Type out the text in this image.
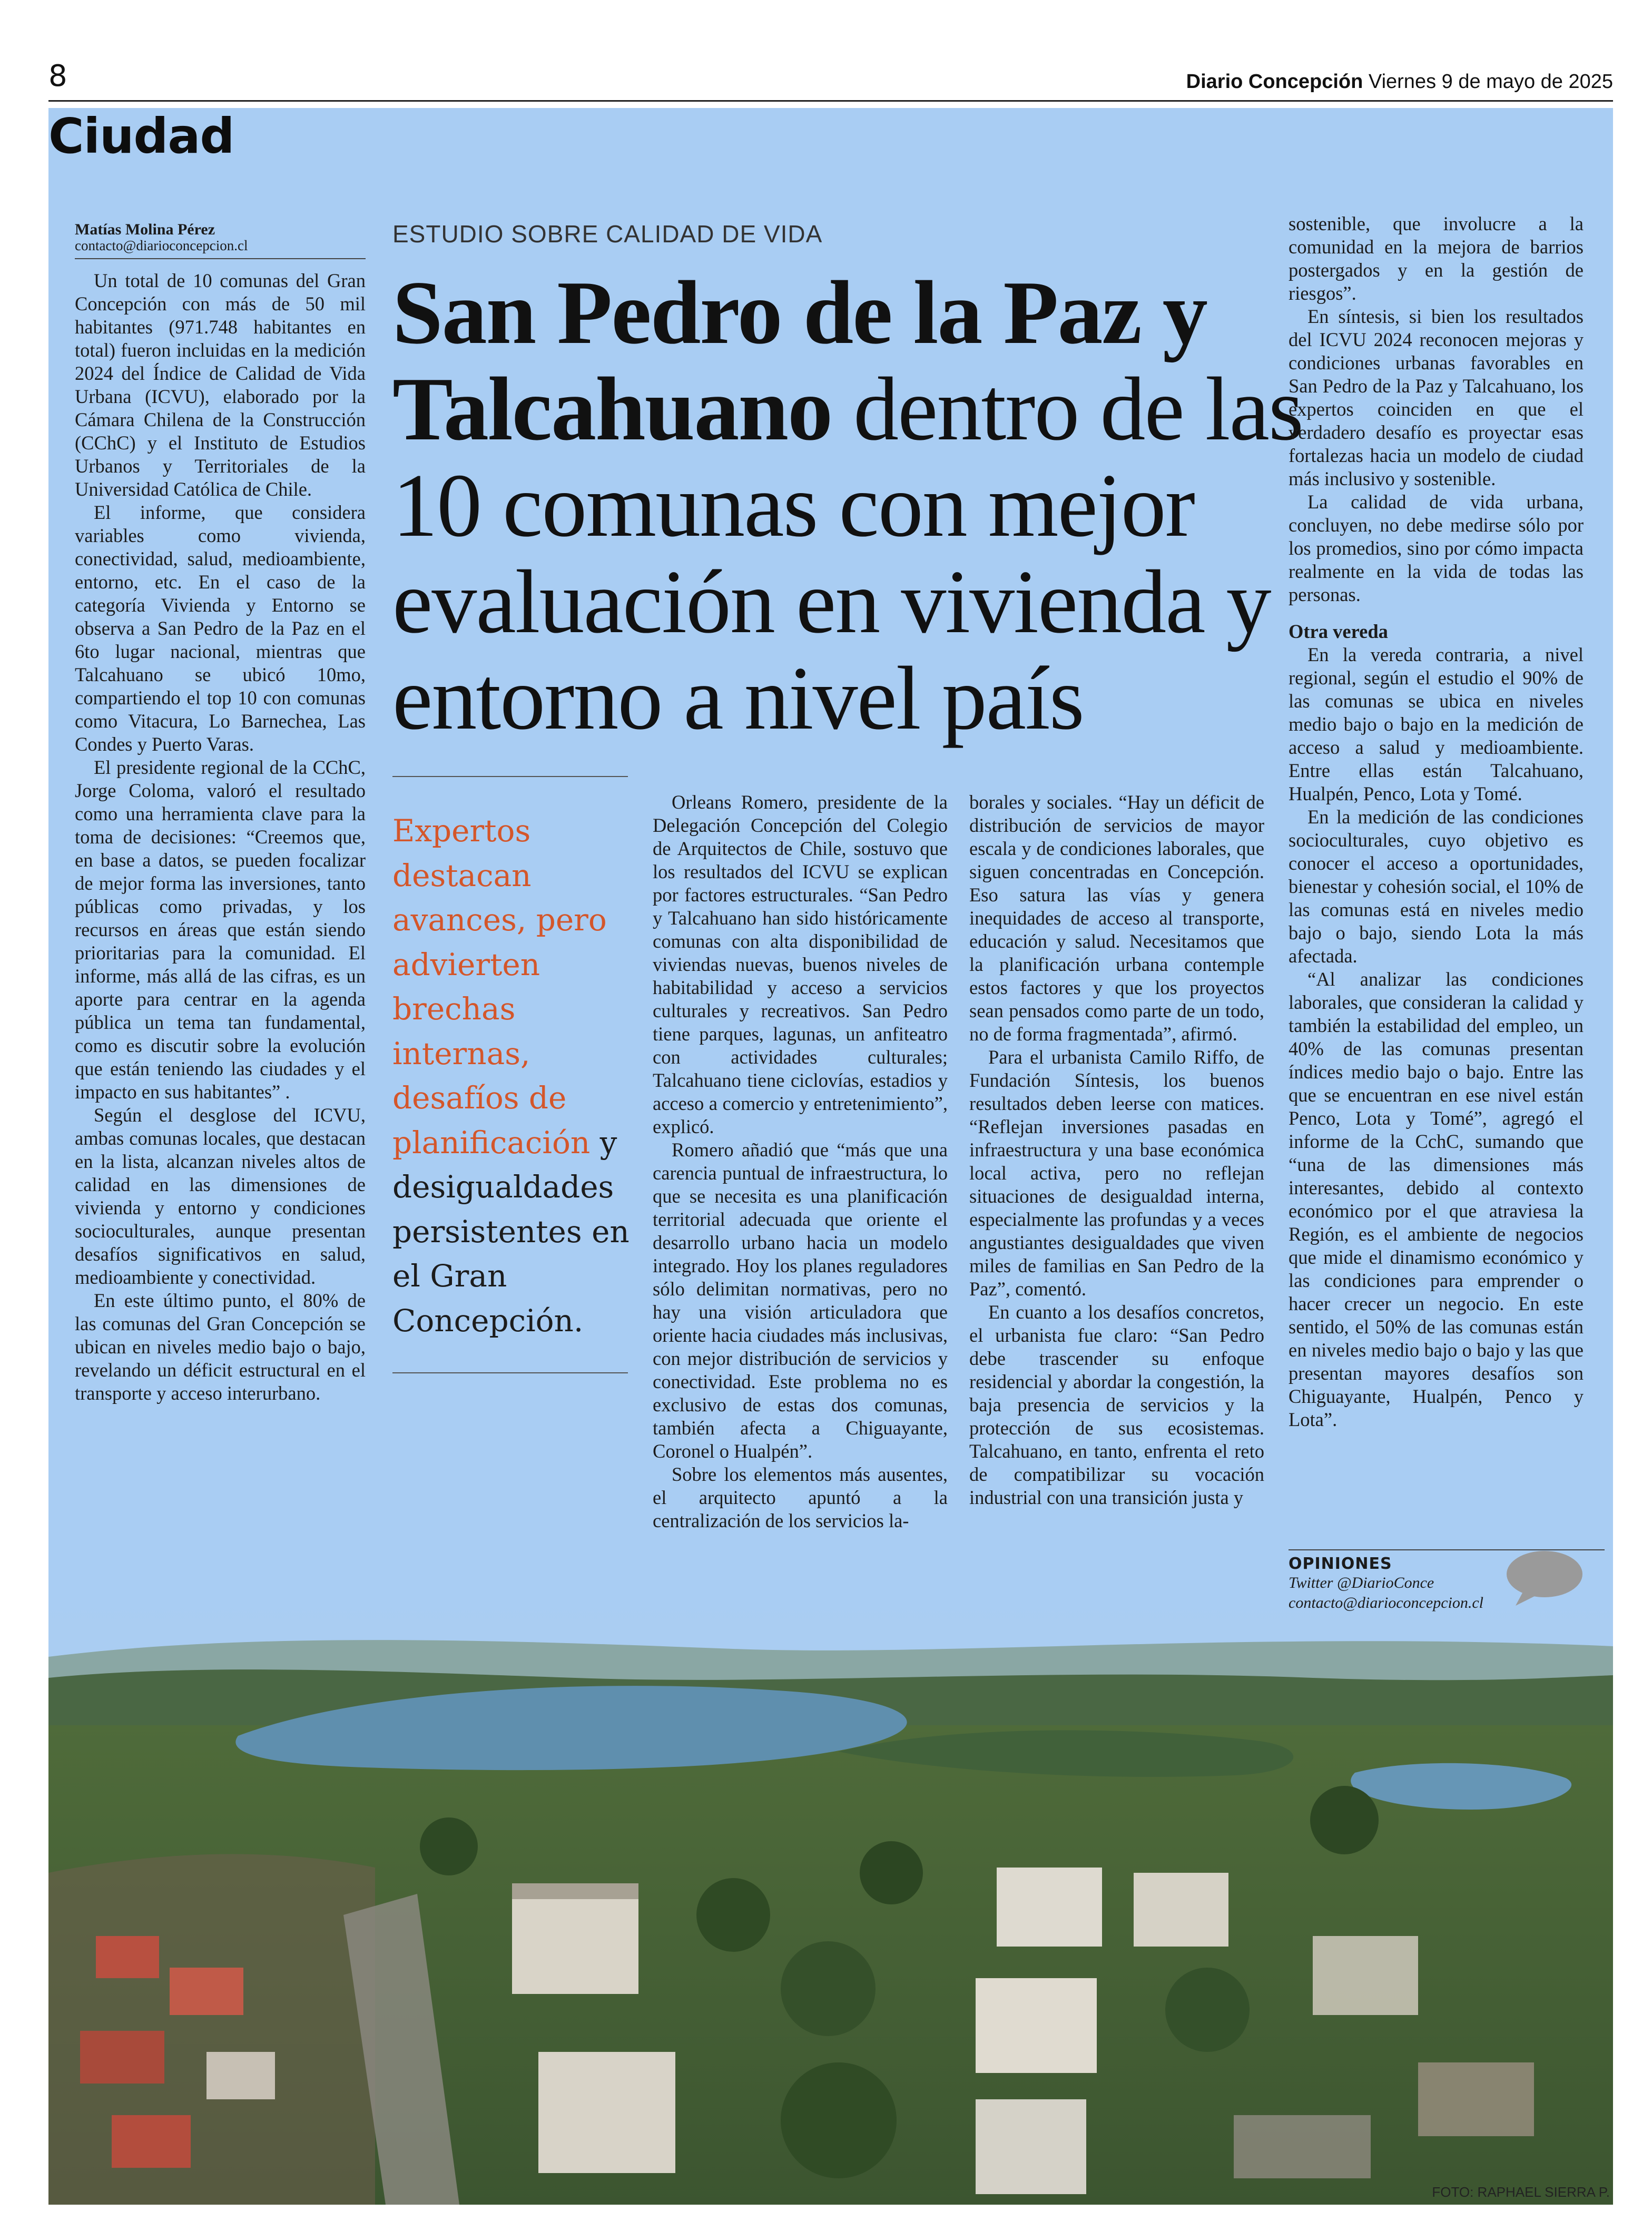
8	Diario Concepción Viernes 9 de mayo de 2025
Ciudad
FOTO: RAPHAEL SIERRA P.
Matías Molina Pérez
contacto@diarioconcepcion.cl

Un total de 10 comunas del Gran Concepción con más de 50 mil habitantes (971.748 habitantes en total) fueron incluidas en la medición 2024 del Índice de Calidad de Vida Urbana (ICVU), elaborado por la Cámara Chilena de la Construcción (CChC) y el Instituto de Estudios Urbanos y Territoriales de la Universidad Católica de Chile.

El informe, que considera variables como vivienda, conectividad, salud, medioambiente, entorno, etc. En el caso de la categoría Vivienda y Entorno se observa a San Pedro de la Paz en el 6to lugar nacional, mientras que Talcahuano se ubicó 10mo, compartiendo el top 10 con comunas como Vitacura, Lo Barnechea, Las Condes y Puerto Varas.

El presidente regional de la CChC, Jorge Coloma, valoró el resultado como una herramienta clave para la toma de decisiones: “Creemos que, en base a datos, se pueden focalizar de mejor forma las inversiones, tanto públicas como privadas, y los recursos en áreas que están siendo prioritarias para la comunidad. El informe, más allá de las cifras, es un aporte para centrar en la agenda pública un tema tan fundamental, como es discutir sobre la evolución que están teniendo las ciudades y el impacto en sus habitantes” .

Según el desglose del ICVU, ambas comunas locales, que destacan en la lista, alcanzan niveles altos de calidad en las dimensiones de vivienda y entorno y condiciones socioculturales, aunque presentan desafíos significativos en salud, medioambiente y conectividad.

En este último punto, el 80% de las comunas del Gran Concepción se ubican en niveles medio bajo o bajo, revelando un déficit estructural en el transporte y acceso interurbano.

ESTUDIO SOBRE CALIDAD DE VIDA
San Pedro de la Paz y Talcahuano dentro de las 10 comunas con mejor evaluación en vivienda y entorno a nivel país
Expertos destacan avances, pero advierten brechas internas, desafíos de planificación y desigualdades persistentes en el Gran Concepción.

Orleans Romero, presidente de la Delegación Concepción del Colegio de Arquitectos de Chile, sostuvo que los resultados del ICVU se explican por factores estructurales. “San Pedro y Talcahuano han sido históricamente comunas con alta disponibilidad de viviendas nuevas, buenos niveles de habitabilidad y acceso a servicios culturales y recreativos. San Pedro tiene parques, lagunas, un anfiteatro con actividades culturales; Talcahuano tiene ciclovías, estadios y acceso a comercio y entretenimiento”, explicó.

Romero añadió que “más que una carencia puntual de infraestructura, lo que se necesita es una planificación territorial adecuada que oriente el desarrollo urbano hacia un modelo integrado. Hoy los planes reguladores sólo delimitan normativas, pero no hay una visión articuladora que oriente hacia ciudades más inclusivas, con mejor distribución de servicios y conectividad. Este problema no es exclusivo de estas dos comunas, también afecta a Chiguayante, Coronel o Hualpén”.

Sobre los elementos más ausentes, el arquitecto apuntó a la centralización de los servicios la-

borales y sociales. “Hay un déficit de distribución de servicios de mayor escala y de condiciones laborales, que siguen concentradas en Concepción. Eso satura las vías y genera inequidades de acceso al transporte, educación y salud. Necesitamos que la planificación urbana contemple estos factores y que los proyectos sean pensados como parte de un todo, no de forma fragmentada”, afirmó.

Para el urbanista Camilo Riffo, de Fundación Síntesis, los buenos resultados deben leerse con matices. “Reflejan inversiones pasadas en infraestructura y una base económica local activa, pero no reflejan situaciones de desigualdad interna, especialmente las profundas y a veces angustiantes desigualdades que viven miles de familias en San Pedro de la Paz”, comentó.

En cuanto a los desafíos concretos, el urbanista fue claro: “San Pedro debe trascender su enfoque residencial y abordar la congestión, la baja presencia de servicios y la protección de sus ecosistemas. Talcahuano, en tanto, enfrenta el reto de compatibilizar su vocación industrial con una transición justa y

sostenible, que involucre a la comunidad en la mejora de barrios postergados y en la gestión de riesgos”.

En síntesis, si bien los resultados del ICVU 2024 reconocen mejoras y condiciones urbanas favorables en San Pedro de la Paz y Talcahuano, los expertos coinciden en que el verdadero desafío es proyectar esas fortalezas hacia un modelo de ciudad más inclusivo y sostenible.

La calidad de vida urbana, concluyen, no debe medirse sólo por los promedios, sino por cómo impacta realmente en la vida de todas las personas.

Otra vereda

En la vereda contraria, a nivel regional, según el estudio el 90% de las comunas se ubica en niveles medio bajo o bajo en la medición de acceso a salud y medioambiente. Entre ellas están Talcahuano, Hualpén, Penco, Lota y Tomé.

En la medición de las condiciones socioculturales, cuyo objetivo es conocer el acceso a oportunidades, bienestar y cohesión social, el 10% de las comunas está en niveles medio bajo o bajo, siendo Lota la más afectada.

“Al analizar las condiciones laborales, que consideran la calidad y también la estabilidad del empleo, un 40% de las comunas presentan índices medio bajo o bajo. Entre las que se encuentran en ese nivel están Penco, Lota y Tomé”, agregó el informe de la CchC, sumando que “una de las dimensiones más interesantes, debido al contexto económico por el que atraviesa la Región, es el ambiente de negocios que mide el dinamismo económico y las condiciones para emprender o hacer crecer un negocio. En este sentido, el 50% de las comunas están en niveles medio bajo o bajo y las que presentan mayores desafíos son Chiguayante, Hualpén, Penco y Lota”.

OPINIONES
Twitter @DiarioConce
contacto@diarioconcepcion.cl
